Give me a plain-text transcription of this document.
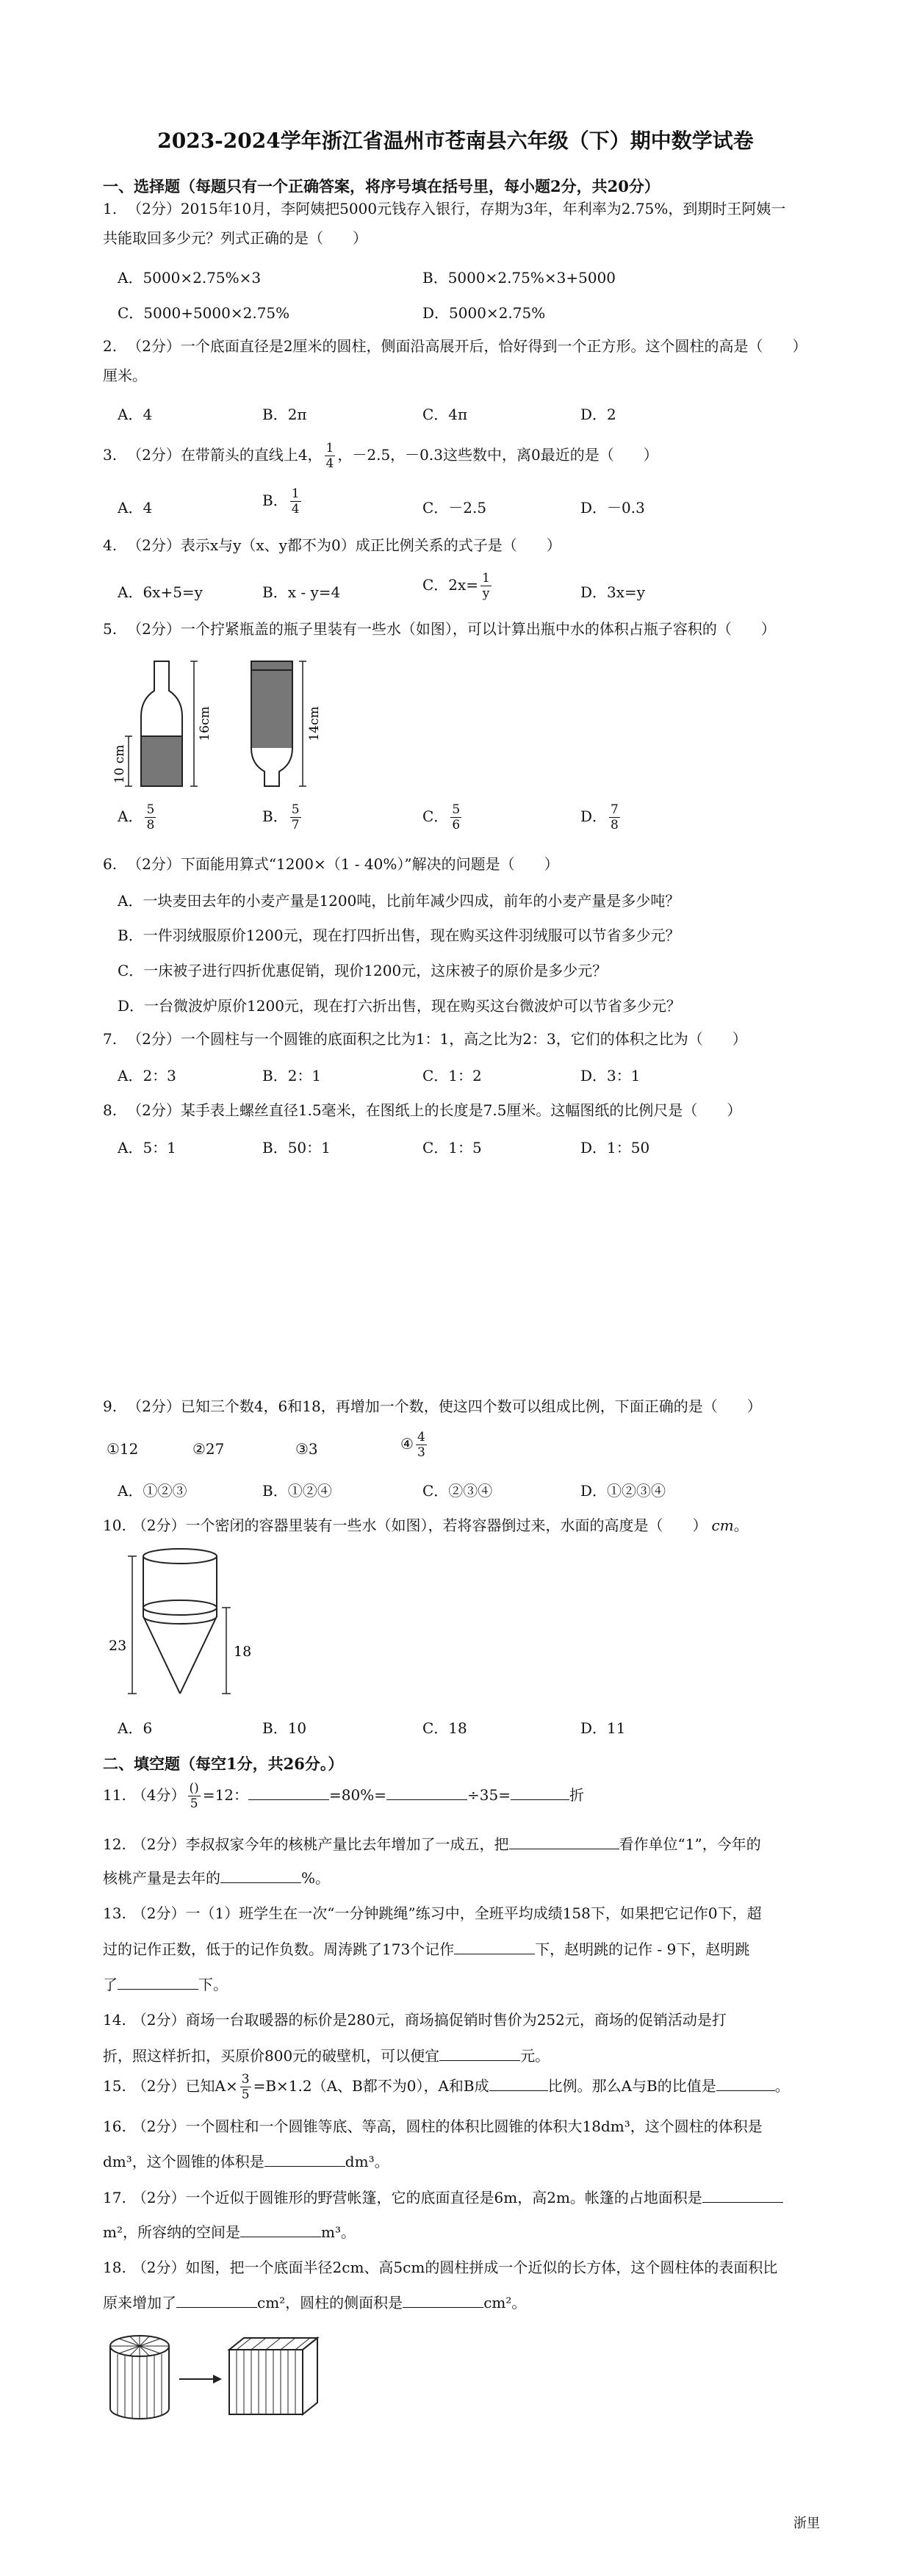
2023-2024学年浙江省温州市苍南县六年级（下）期中数学试卷
一、选择题（每题只有一个正确答案，将序号填在括号里，每小题2分，共20分）
1. （2分）2015年10月，李阿姨把5000元钱存入银行，存期为3年，年利率为2.75%，到期时王阿姨一
共能取回多少元？列式正确的是（　　）
A．5000×2.75%×3	B．5000×2.75%×3+5000
C．5000+5000×2.75%	D．5000×2.75%
2. （2分）一个底面直径是2厘米的圆柱，侧面沿高展开后，恰好得到一个正方形。这个圆柱的高是（　　）
厘米。
A．4	B．2π	C．4π	D．2
3. （2分）在带箭头的直线上4， $\frac{1}{4}$ ，－2.5，－0.3这些数中，离0最近的是（　　）
A．4	B． $\frac{1}{4}$	C．－2.5	D．－0.3
4. （2分）表示x与y（x、y都不为0）成正比例关系的式子是（　　）
A．6x+5=y	B．x - y=4	C．$2x= \frac{1}{y}$	D．3x=y
5. （2分）一个拧紧瓶盖的瓶子里装有一些水（如图），可以计算出瓶中水的体积占瓶子容积的（　　）
10 cm
16cm	14cm
A． $\frac{5}{8}$	B． $\frac{5}{7}$	C． $\frac{5}{6}$	D． $\frac{7}{8}$
6. （2分）下面能用算式“1200×（1 - 40%）”解决的问题是（　　）
A．一块麦田去年的小麦产量是1200吨，比前年减少四成，前年的小麦产量是多少吨？
B．一件羽绒服原价1200元，现在打四折出售，现在购买这件羽绒服可以节省多少元？
C．一床被子进行四折优惠促销，现价1200元，这床被子的原价是多少元？
D．一台微波炉原价1200元，现在打六折出售，现在购买这台微波炉可以节省多少元？
7. （2分）一个圆柱与一个圆锥的底面积之比为1：1，高之比为2：3，它们的体积之比为（　　）
A．2：3	B．2：1	C．1：2	D．3：1
8. （2分）某手表上螺丝直径1.5毫米，在图纸上的长度是7.5厘米。这幅图纸的比例尺是（　　）
A．5：1	B．50：1	C．1：5	D．1：50
9. （2分）已知三个数4，6和18，再增加一个数，使这四个数可以组成比例，下面正确的是（　　）
①12	②27	③3	④ $\frac{4}{3}$
A．①②③	B．①②④	C．②③④	D．①②③④
10. （2分）一个密闭的容器里装有一些水（如图），若将容器倒过来，水面的高度是（　　） cm。
23	18
A．6	B．10	C．18	D．11
二、填空题（每空1分，共26分。）
11. （4分） $\frac{()}{5} =12$：	=80%=	÷35=	折
12. （2分）李叔叔家今年的核桃产量比去年增加了一成五，把	看作单位“1”，今年的
核桃产量是去年的	%。
13. （2分）一（1）班学生在一次“一分钟跳绳”练习中，全班平均成绩158下，如果把它记作0下，超
过的记作正数，低于的记作负数。周涛跳了173个记作	下，赵明跳的记作 - 9下，赵明跳
了	下。
14. （2分）商场一台取暖器的标价是280元，商场搞促销时售价为252元，商场的促销活动是打
折，照这样折扣，买原价800元的破壁机，可以便宜	元。
15. （2分）已知$A\times \frac{3}{5} =B\times 1.2(A$、B都不为0），A和B成	比例。那么A与B的比值是	。
16. （2分）一个圆柱和一个圆锥等底、等高，圆柱的体积比圆锥的体积大18dm³，这个圆柱的体积是
dm³，这个圆锥的体积是	dm³。
17. （2分）一个近似于圆锥形的野营帐篷，它的底面直径是6m，高2m。帐篷的占地面积是
m²，所容纳的空间是	m³。
18. （2分）如图，把一个底面半径2cm、高5cm的圆柱拼成一个近似的长方体，这个圆柱体的表面积比
原来增加了	cm²，圆柱的侧面积是	cm²。
浙里
